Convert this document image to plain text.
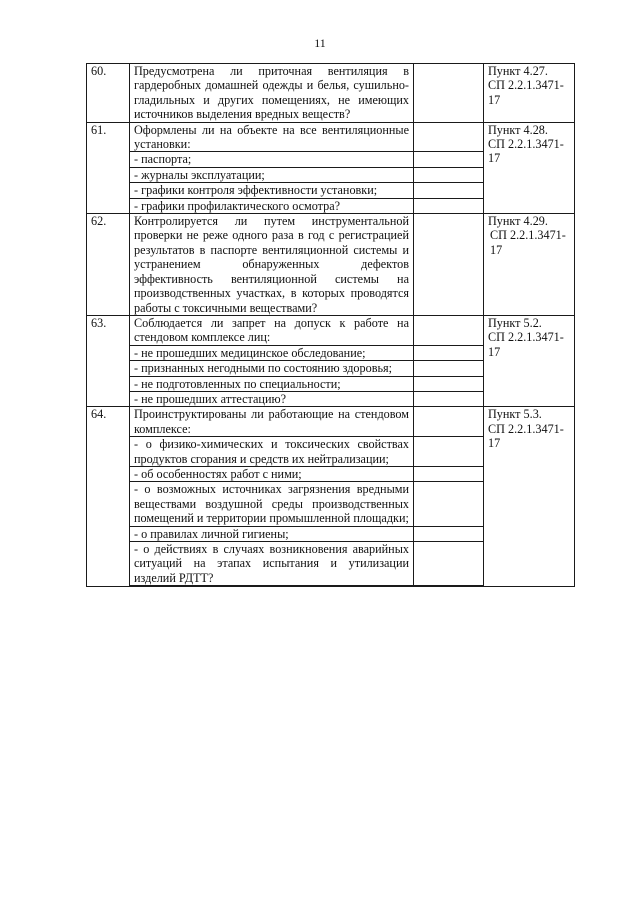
11
60.	Предусмотрена ли приточная вентиляция в гардеробных домашней одежды и белья, сушильно-гладильных и других помещениях, не имеющих источников выделения вредных веществ?		Пункт 4.27.
СП 2.2.1.3471-17

61.	Оформлены ли на объекте на все вентиляционные установки:		Пункт 4.28.
СП 2.2.1.3471-17

	- паспорта;		
	- журналы эксплуатации;		
	- графики контроля эффективности установки;		
	- графики профилактического осмотра?		
62.	Контролируется ли путем инструментальной проверки не реже одного раза в год с регистрацией результатов в паспорте вентиляционной системы и устранением обнаруженных дефектов эффективность вентиляционной системы на производственных участках, в которых проводятся работы с токсичными веществами?		Пункт 4.29.
СП 2.2.1.3471-17

63.	Соблюдается ли запрет на допуск к работе на стендовом комплексе лиц:		Пункт 5.2.
СП 2.2.1.3471-17

	- не прошедших медицинское обследование;		
	- признанных негодными по состоянию здоровья;		
	- не подготовленных по специальности;		
	- не прошедших аттестацию?		
64.	Проинструктированы ли работающие на стендовом комплексе:		Пункт 5.3.
СП 2.2.1.3471-17

	- о физико-химических и токсических свойствах продуктов сгорания и средств их нейтрализации;		
	- об особенностях работ с ними;		
	- о возможных источниках загрязнения вредными веществами воздушной среды производственных помещений и территории промышленной площадки;		
	- о правилах личной гигиены;		
	- о действиях в случаях возникновения аварийных ситуаций на этапах испытания и утилизации изделий РДТТ?		
